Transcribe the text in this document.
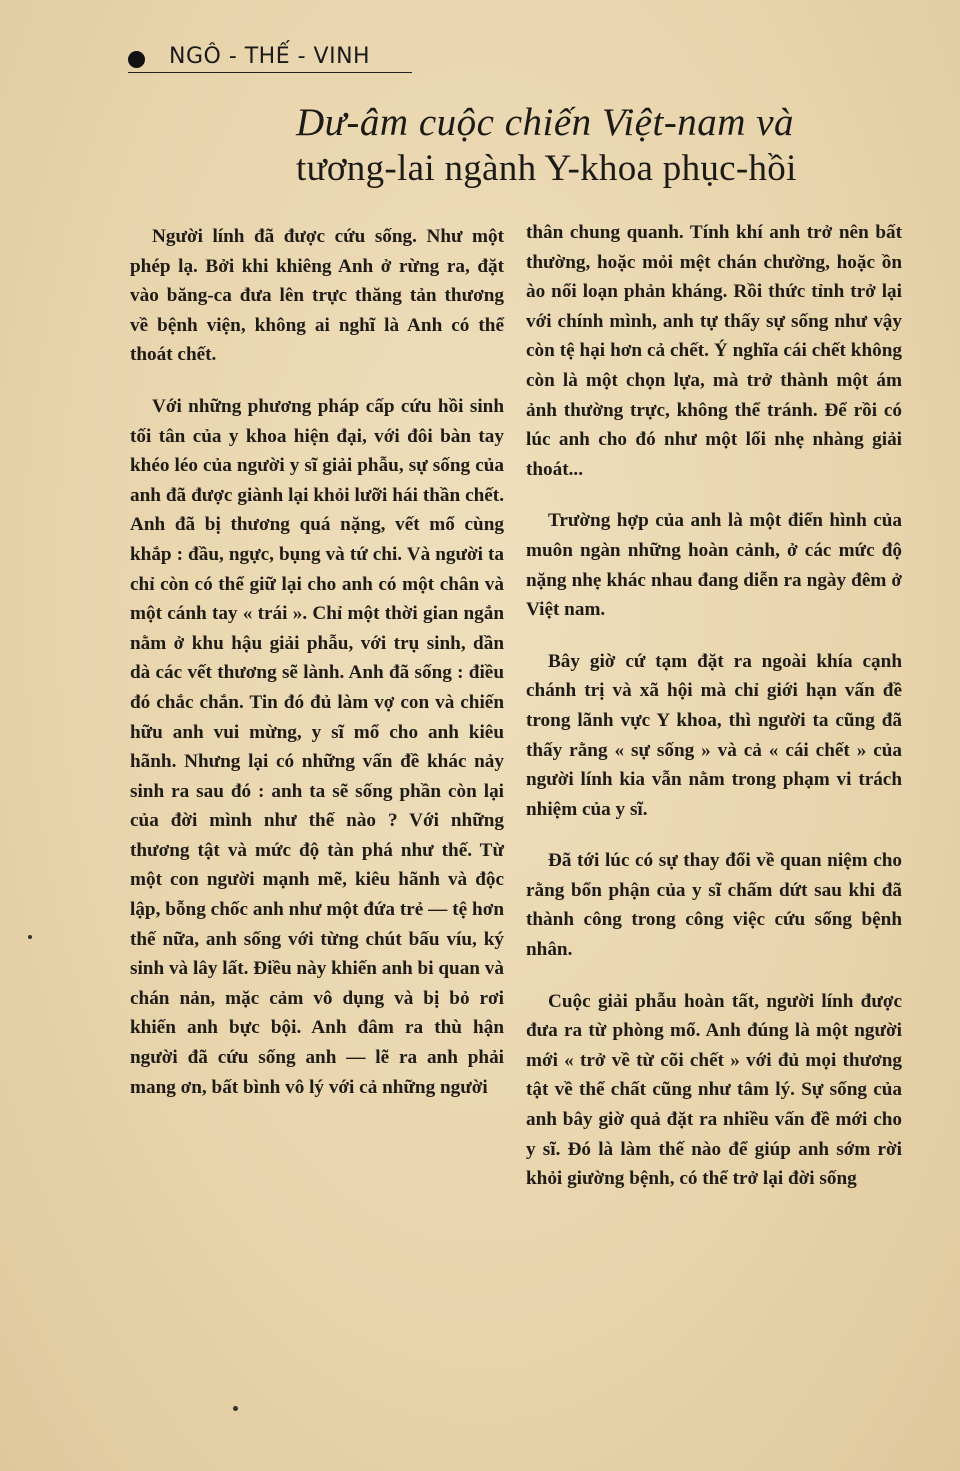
NGÔ - THẾ - VINH
Dư-âm cuộc chiến Việt-nam và
tương-lai ngành Y-khoa phục-hồi

Người lính đã được cứu sống. Như một phép lạ. Bởi khi khiêng Anh ở rừng ra, đặt vào băng-ca đưa lên trực thăng tản thương về bệnh viện, không ai nghĩ là Anh có thể thoát chết.

Với những phương pháp cấp cứu hồi sinh tối tân của y khoa hiện đại, với đôi bàn tay khéo léo của người y sĩ giải phẫu, sự sống của anh đã được giành lại khỏi lưỡi hái thần chết. Anh đã bị thương quá nặng, vết mổ cùng khắp : đầu, ngực, bụng và tứ chi. Và người ta chỉ còn có thể giữ lại cho anh có một chân và một cánh tay « trái ». Chỉ một thời gian ngắn nằm ở khu hậu giải phẫu, với trụ sinh, dần dà các vết thương sẽ lành. Anh đã sống : điều đó chắc chắn. Tin đó đủ làm vợ con và chiến hữu anh vui mừng, y sĩ mổ cho anh kiêu hãnh. Nhưng lại có những vấn đề khác nảy sinh ra sau đó : anh ta sẽ sống phần còn lại của đời mình như thế nào ? Với những thương tật và mức độ tàn phá như thế. Từ một con người mạnh mẽ, kiêu hãnh và độc lập, bỗng chốc anh như một đứa trẻ — tệ hơn thế nữa, anh sống với từng chút bấu víu, ký sinh và lây lất. Điều này khiến anh bi quan và chán nản, mặc cảm vô dụng và bị bỏ rơi khiến anh bực bội. Anh đâm ra thù hận người đã cứu sống anh — lẽ ra anh phải mang ơn, bất bình vô lý với cả những người

thân chung quanh. Tính khí anh trở nên bất thường, hoặc mỏi mệt chán chường, hoặc ồn ào nổi loạn phản kháng. Rồi thức tỉnh trở lại với chính mình, anh tự thấy sự sống như vậy còn tệ hại hơn cả chết. Ý nghĩa cái chết không còn là một chọn lựa, mà trở thành một ám ảnh thường trực, không thể tránh. Để rồi có lúc anh cho đó như một lối nhẹ nhàng giải thoát...

Trường hợp của anh là một điển hình của muôn ngàn những hoàn cảnh, ở các mức độ nặng nhẹ khác nhau đang diễn ra ngày đêm ở Việt nam.

Bây giờ cứ tạm đặt ra ngoài khía cạnh chánh trị và xã hội mà chỉ giới hạn vấn đề trong lãnh vực Y khoa, thì người ta cũng đã thấy rằng « sự sống » và cả « cái chết » của người lính kia vẫn nằm trong phạm vi trách nhiệm của y sĩ.

Đã tới lúc có sự thay đổi về quan niệm cho rằng bổn phận của y sĩ chấm dứt sau khi đã thành công trong công việc cứu sống bệnh nhân.

Cuộc giải phẫu hoàn tất, người lính được đưa ra từ phòng mổ. Anh đúng là một người mới « trở về từ cõi chết » với đủ mọi thương tật về thể chất cũng như tâm lý. Sự sống của anh bây giờ quả đặt ra nhiều vấn đề mới cho y sĩ. Đó là làm thế nào để giúp anh sớm rời khỏi giường bệnh, có thể trở lại đời sống
